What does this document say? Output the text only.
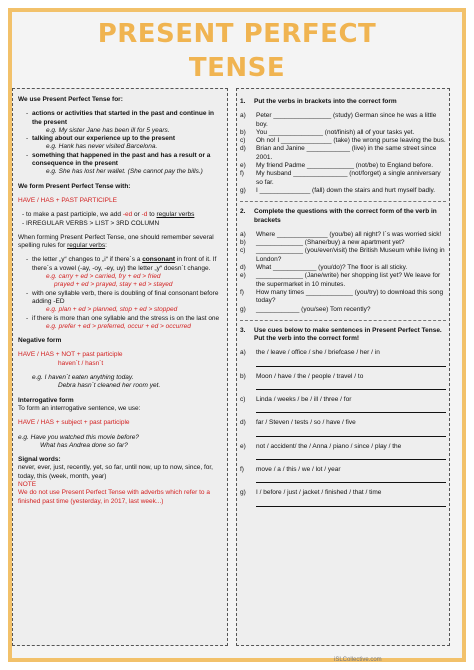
PRESENT PERFECT
TENSE
We use Present Perfect Tense for:
- actions or activities that started in the past and continue in the present
e.g. My sister Jane has been ill for 5 years.
- talking about our experience up to the present
e.g. Hank has never visited Barcelona.
- something that happened in the past and has a result or a consequence in the present
e.g. She has lost her wallet. (She cannot pay the bills.)
We form Present Perfect Tense with:
HAVE / HAS + PAST PARTICIPLE
- to make a past participle, we add -ed or -d to regular verbs
- IRREGULAR VERBS > LIST > 3RD COLUMN
When forming Present Perfect Tense, one should remember several spelling rules for regular verbs:
- the letter „y“ changes to „i“ if there´s a consonant in front of it. If there´s a vowel (-ay, -oy, -ey, uy) the letter „y“ doesn´t change.
e.g. carry + ed > carried, fry + ed > fried
prayed + ed > prayed, stay + ed > stayed
- with one syllable verb, there is doubling of final consonant before adding -ED
e.g. plan + ed > planned, stop + ed > stopped
- if there is more than one syllable and the stress is on the last one
e.g. prefer + ed > preferred, occur + ed > occurred
Negative form
HAVE / HAS + NOT + past participle
haven´t / hasn´t
e.g. I haven´t eaten anything today.
Debra hasn´t cleaned her room yet.
Interrogative form
To form an interrogative sentence, we use:
HAVE / HAS + subject + past participle
e.g. Have you watched this movie before?
What has Andrea done so far?
Signal words:
never, ever, just, recently, yet, so far, until now, up to now, since, for, today, this (week, month, year)
NOTE
We do not use Present Perfect Tense with adverbs which refer to a finished past time (yesterday, in 2017, last week...)
1.	Put the verbs in brackets into the correct form
a)	Peter ________________ (study) German since he was a little boy.
b)	You _______________ (not/finish) all of your tasks yet.
c)	Oh no! I ______________ (take) the wrong purse leaving the bus.
d)	Brian and Janine ____________ (live) in the same street since 2001.
e)	My friend Padme _____________ (not/be) to England before.
f)	My husband _______________ (not/forget) a single anniversary so far.
g)	I ______________ (fall) down the stairs and hurt myself badly.
2.	Complete the questions with the correct form of the verb in brackets
a)	Where ______________ (you/be) all night? I´s was worried sick!
b)	_____________ (Shane/buy) a new apartment yet?
c)	_____________ (you/ever/visit) the British Museum while living in London?
d)	What ____________ (you/do)? The floor is all sticky.
e)	_____________ (Jane/write) her shopping list yet? We leave for the supermarket in 10 minutes.
f)	How many times _____________ (you/try) to download this song today?
g)	____________ (you/see) Tom recently?
3.	Use cues below to make sentences in Present Perfect Tense. Put the verb into the correct form!
a)	the / leave / office / she / briefcase / her / in
b)	Moon / have / the / people / travel / to
c)	Linda / weeks / be / ill / three / for
d)	far / Steven / tests / so / have / five
e)	not / accident/ the / Anna / piano / since / play / the
f)	move / a / this / we / lot / year
g)	I / before / just / jacket / finished / that / time
iSLCollective.com
